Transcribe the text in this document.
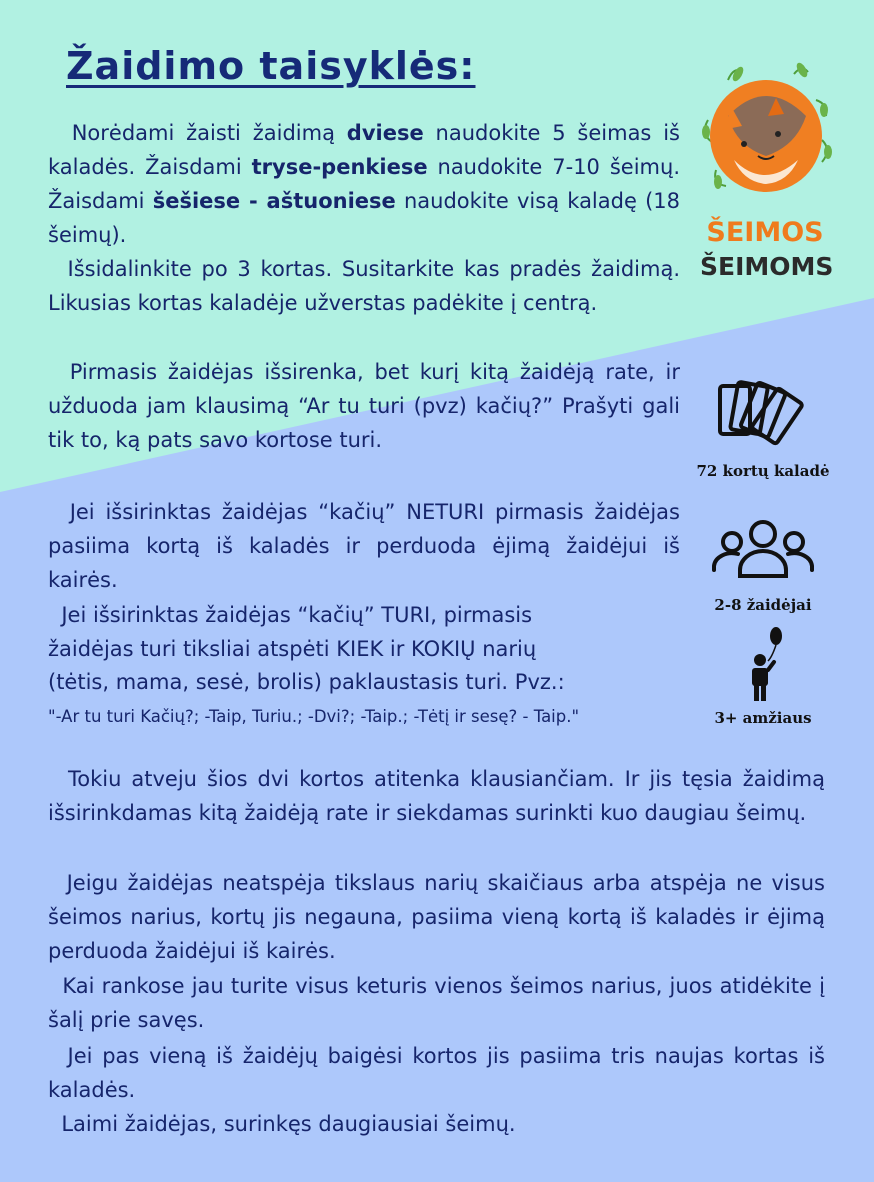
Žaidimo taisyklės:

Norėdami žaisti žaidimą dviese naudokite 5 šeimas iš kaladės. Žaisdami tryse-penkiese naudokite 7-10 šeimų. Žaisdami šešiese - aštuoniese naudokite visą kaladę (18 šeimų).

Išsidalinkite po 3 kortas. Susitarkite kas pradės žaidimą. Likusias kortas kaladėje užverstas padėkite į centrą.

Pirmasis žaidėjas išsirenka, bet kurį kitą žaidėją rate, ir užduoda jam klausimą “Ar tu turi (pvz) kačių?” Prašyti gali tik to, ką pats savo kortose turi.

Jei išsirinktas žaidėjas “kačių” NETURI pirmasis žaidėjas pasiima kortą iš kaladės ir perduoda ėjimą žaidėjui iš kairės.

Jei išsirinktas žaidėjas “kačių” TURI, pirmasis

žaidėjas turi tiksliai atspėti KIEK ir KOKIŲ narių

(tėtis, mama, sesė, brolis) paklaustasis turi. Pvz.:

"-Ar tu turi Kačių?; -Taip, Turiu.; -Dvi?; -Taip.; -Tėtį ir sesę? - Taip."

Tokiu atveju šios dvi kortos atitenka klausiančiam. Ir jis tęsia žaidimą išsirinkdamas kitą žaidėją rate ir siekdamas surinkti kuo daugiau šeimų.

Jeigu žaidėjas neatspėja tikslaus narių skaičiaus arba atspėja ne visus šeimos narius, kortų jis negauna, pasiima vieną kortą iš kaladės ir ėjimą perduoda žaidėjui iš kairės.

Kai rankose jau turite visus keturis vienos šeimos narius, juos atidėkite į šalį prie savęs.

Jei pas vieną iš žaidėjų baigėsi kortos jis pasiima tris naujas kortas iš kaladės.

Laimi žaidėjas, surinkęs daugiausiai šeimų.

ŠEIMOS
ŠEIMOMS
72 kortų kaladė
2-8 žaidėjai
3+ amžiaus
